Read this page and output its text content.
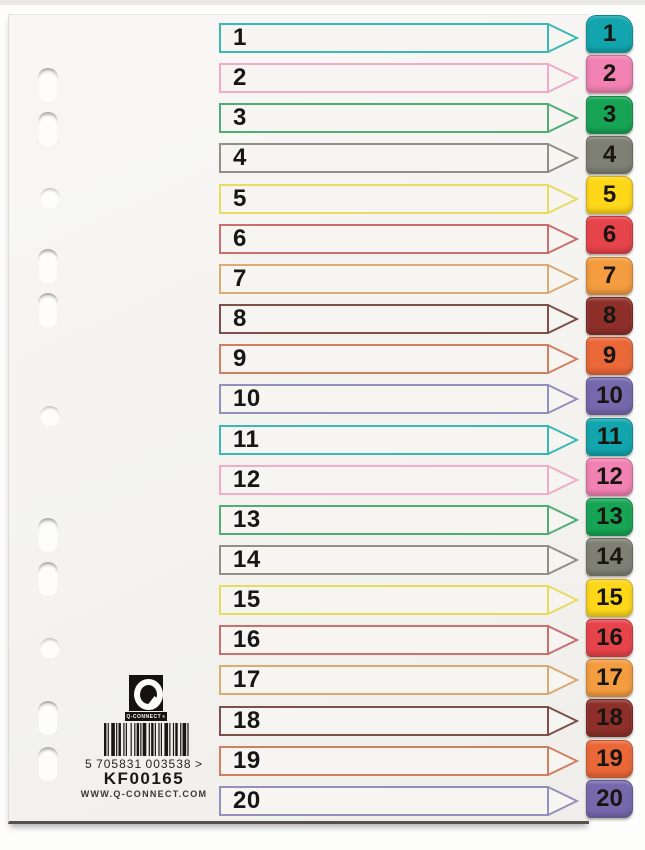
1
2
3
4
5
6
7
8
9
10
11
12
13
14
15
16
17
18
19
20
Q-CONNECT ®
5 705831 003538 >
KF00165
WWW.Q-CONNECT.COM
1
2
3
4
5
6
7
8
9
10
11
12
13
14
15
16
17
18
19
20
